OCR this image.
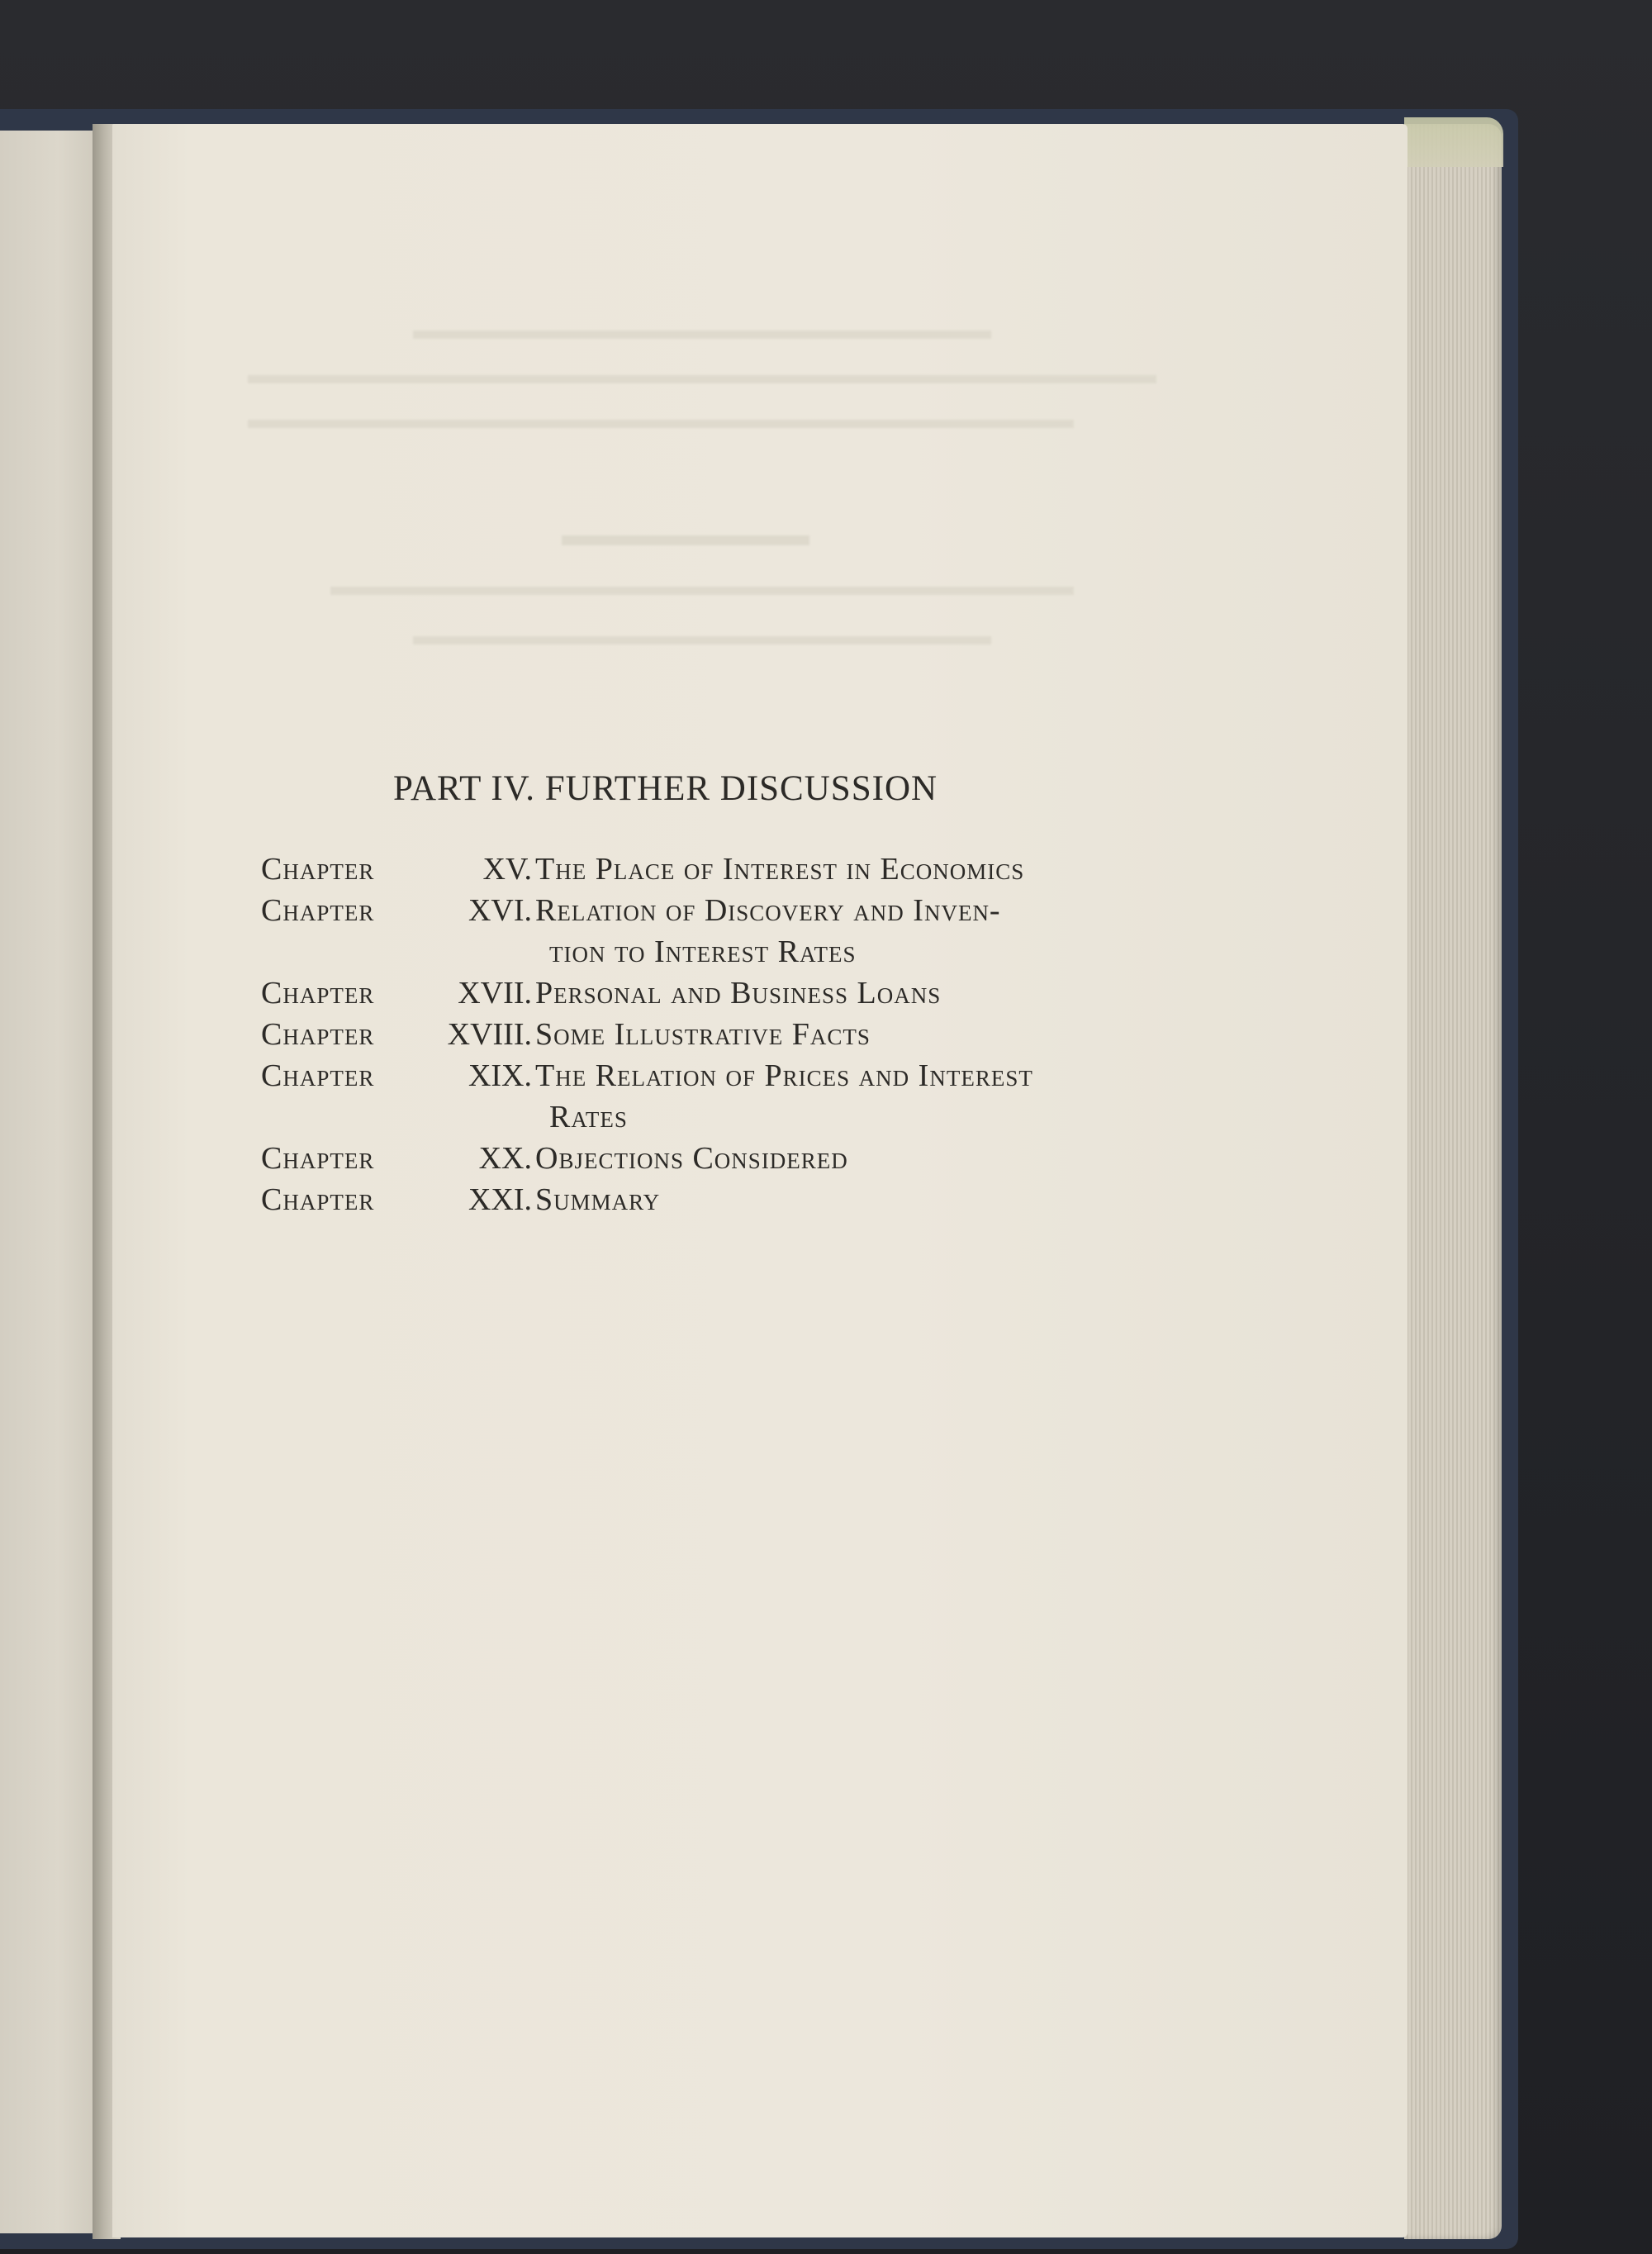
PART IV. FURTHER DISCUSSION
Chapter	XV. The Place of Interest in Economics
Chapter	XVI. Relation of Discovery and Inven-
tion to Interest Rates
Chapter	XVII. Personal and Business Loans
Chapter	XVIII. Some Illustrative Facts
Chapter	XIX. The Relation of Prices and Interest
Rates
Chapter	XX. Objections Considered
Chapter	XXI. Summary
